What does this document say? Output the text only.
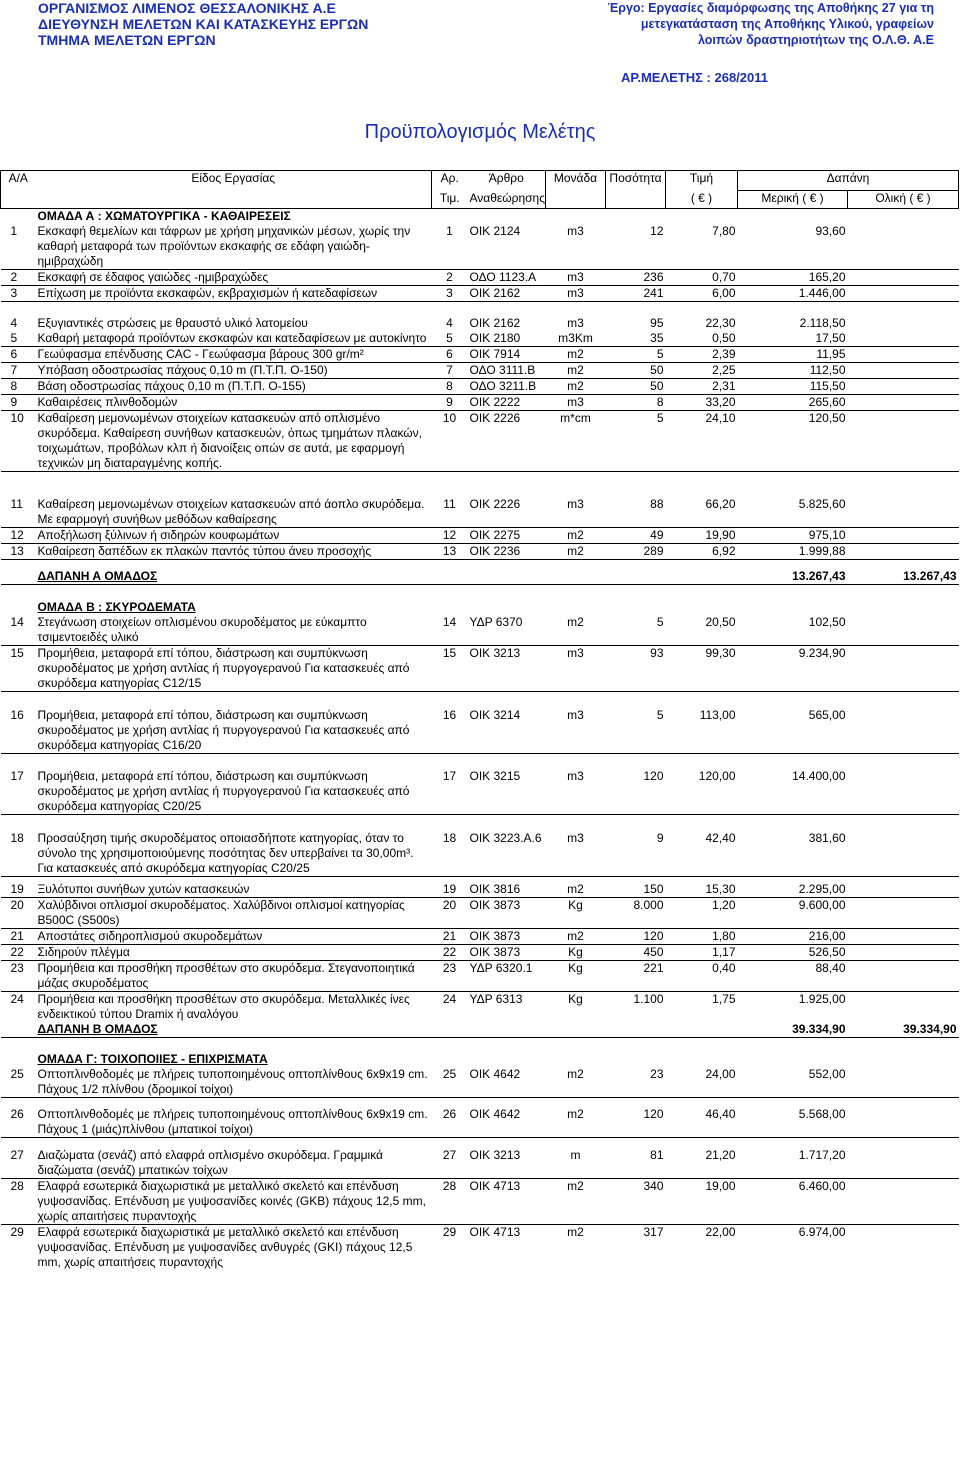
ΟΡΓΑΝΙΣΜΟΣ ΛΙΜΕΝΟΣ ΘΕΣΣΑΛΟΝΙΚΗΣ Α.Ε
ΔΙΕΥΘΥΝΣΗ ΜΕΛΕΤΩΝ ΚΑΙ ΚΑΤΑΣΚΕΥΗΣ ΕΡΓΩΝ
ΤΜΗΜΑ ΜΕΛΕΤΩΝ ΕΡΓΩΝ
Έργο: Εργασίες διαμόρφωσης της Αποθήκης 27 για τη
μετεγκατάσταση της Αποθήκης Υλικού, γραφείων
λοιπών δραστηριοτήτων της Ο.Λ.Θ. Α.Ε
ΑΡ.ΜΕΛΕΤΗΣ : 268/2011
Προϋπολογισμός Μελέτης
Α/Α	Είδος Εργασίας	Αρ.	Άρθρο	Μονάδα	Ποσότητα	Τιμή	Δαπάνη	
		Τιμ.	Αναθεώρησης			( € )	Μερική ( € )	Ολική ( € )
	ΟΜΑΔΑ Α : ΧΩΜΑΤΟΥΡΓΙΚΑ - ΚΑΘΑΙΡΕΣΕΙΣ							
1	Εκσκαφή θεμελίων και τάφρων με χρήση μηχανικών μέσων, χωρίς την καθαρή μεταφορά των προϊόντων εκσκαφής σε εδάφη γαιώδη-ημιβραχώδη	1	ΟΙΚ 2124	m3	12	7,80	93,60	
2	Εκσκαφή σε έδαφος γαιώδες -ημιβραχώδες	2	ΟΔΟ 1123.Α	m3	236	0,70	165,20	
3	Επίχωση με προϊόντα εκσκαφών, εκβραχισμών ή κατεδαφίσεων	3	ΟΙΚ 2162	m3	241	6,00	1.446,00	

4	Εξυγιαντικές στρώσεις με θραυστό υλικό λατομείου	4	ΟΙΚ 2162	m3	95	22,30	2.118,50	
5	Καθαρή μεταφορά προϊόντων εκσκαφών και κατεδαφίσεων με αυτοκίνητο	5	ΟΙΚ 2180	m3Km	35	0,50	17,50	
6	Γεωύφασμα επένδυσης CAC - Γεωύφασμα βάρους 300 gr/m²	6	ΟΙΚ 7914	m2	5	2,39	11,95	
7	Υπόβαση οδοστρωσίας πάχους 0,10 m (Π.Τ.Π. Ο-150)	7	ΟΔΟ 3111.Β	m2	50	2,25	112,50	
8	Βάση οδοστρωσίας πάχους 0,10 m (Π.Τ.Π. Ο-155)	8	ΟΔΟ 3211.Β	m2	50	2,31	115,50	
9	Καθαιρέσεις πλινθοδομών	9	ΟΙΚ 2222	m3	8	33,20	265,60	
10	Καθαίρεση μεμονωμένων στοιχείων κατασκευών από οπλισμένο σκυρόδεμα. Καθαίρεση συνήθων κατασκευών, όπως τμημάτων πλακών, τοιχωμάτων, προβόλων κλπ ή διανοίξεις οπών σε αυτά, με εφαρμογή τεχνικών μη διαταραγμένης κοπής.	10	ΟΙΚ 2226	m*cm	5	24,10	120,50	

11	Καθαίρεση μεμονωμένων στοιχείων κατασκευών από άοπλο σκυρόδεμα. Με εφαρμογή συνήθων μεθόδων καθαίρεσης	11	ΟΙΚ 2226	m3	88	66,20	5.825,60	
12	Αποξήλωση ξύλινων ή σιδηρών κουφωμάτων	12	ΟΙΚ 2275	m2	49	19,90	975,10	
13	Καθαίρεση δαπέδων εκ πλακών παντός τύπου άνευ προσοχής	13	ΟΙΚ 2236	m2	289	6,92	1.999,88	

	ΔΑΠΑΝΗ Α ΟΜΑΔΟΣ						13.267,43	13.267,43

	ΟΜΑΔΑ Β : ΣΚΥΡΟΔΕΜΑΤΑ							
14	Στεγάνωση στοιχείων οπλισμένου σκυροδέματος με εύκαμπτο τσιμεντοειδές υλικό	14	ΥΔΡ 6370	m2	5	20,50	102,50	
15	Προμήθεια, μεταφορά επί τόπου, διάστρωση και συμπύκνωση σκυροδέματος με χρήση αντλίας ή πυργογερανού Για κατασκευές από σκυρόδεμα κατηγορίας C12/15	15	ΟΙΚ 3213	m3	93	99,30	9.234,90	

16	Προμήθεια, μεταφορά επί τόπου, διάστρωση και συμπύκνωση σκυροδέματος με χρήση αντλίας ή πυργογερανού Για κατασκευές από σκυρόδεμα κατηγορίας C16/20	16	ΟΙΚ 3214	m3	5	113,00	565,00	

17	Προμήθεια, μεταφορά επί τόπου, διάστρωση και συμπύκνωση σκυροδέματος με χρήση αντλίας ή πυργογερανού Για κατασκευές από σκυρόδεμα κατηγορίας C20/25	17	ΟΙΚ 3215	m3	120	120,00	14.400,00	

18	Προσαύξηση τιμής σκυροδέματος οποιασδήποτε κατηγορίας, όταν το σύνολο της χρησιμοποιούμενης ποσότητας δεν υπερβαίνει τα 30,00m³. Για κατασκευές από σκυρόδεμα κατηγορίας C20/25	18	ΟΙΚ 3223.Α.6	m3	9	42,40	381,60	

19	Ξυλότυποι συνήθων χυτών κατασκευών	19	ΟΙΚ 3816	m2	150	15,30	2.295,00	
20	Χαλύβδινοι οπλισμοί σκυροδέματος. Χαλύβδινοι οπλισμοί κατηγορίας B500C (S500s)	20	ΟΙΚ 3873	Kg	8.000	1,20	9.600,00	
21	Αποστάτες σιδηροπλισμού σκυροδεμάτων	21	ΟΙΚ 3873	m2	120	1,80	216,00	
22	Σιδηρούν πλέγμα	22	ΟΙΚ 3873	Kg	450	1,17	526,50	
23	Προμήθεια και προσθήκη προσθέτων στο σκυρόδεμα. Στεγανοποιητικά μάζας σκυροδέματος	23	ΥΔΡ 6320.1	Kg	221	0,40	88,40	
24	Προμήθεια και προσθήκη προσθέτων στο σκυρόδεμα. Μεταλλικές ίνες ενδεικτικού τύπου Dramix ή αναλόγου	24	ΥΔΡ 6313	Kg	1.100	1,75	1.925,00	
	ΔΑΠΑΝΗ Β ΟΜΑΔΟΣ						39.334,90	39.334,90

	ΟΜΑΔΑ Γ: ΤΟΙΧΟΠΟΙΙΕΣ - ΕΠΙΧΡΙΣΜΑΤΑ							
25	Οπτοπλινθοδομές με πλήρεις τυποποιημένους οπτοπλίνθους 6x9x19 cm. Πάχους 1/2 πλίνθου (δρομικοί τοίχοι)	25	ΟΙΚ 4642	m2	23	24,00	552,00	

26	Οπτοπλινθοδομές με πλήρεις τυποποιημένους οπτοπλίνθους 6x9x19 cm. Πάχους 1 (μιάς)πλίνθου (μπατικοί τοίχοι)	26	ΟΙΚ 4642	m2	120	46,40	5.568,00	

27	Διαζώματα (σενάζ) από ελαφρά οπλισμένο σκυρόδεμα. Γραμμικά διαζώματα (σενάζ) μπατικών τοίχων	27	ΟΙΚ 3213	m	81	21,20	1.717,20	
28	Ελαφρά εσωτερικά διαχωριστικά με μεταλλικό σκελετό και επένδυση γυψοσανίδας. Επένδυση με γυψοσανίδες κοινές (GKB) πάχους 12,5 mm, χωρίς απαιτήσεις πυραντοχής	28	ΟΙΚ 4713	m2	340	19,00	6.460,00	
29	Ελαφρά εσωτερικά διαχωριστικά με μεταλλικό σκελετό και επένδυση γυψοσανίδας. Επένδυση με γυψοσανίδες ανθυγρές (GKI) πάχους 12,5 mm, χωρίς απαιτήσεις πυραντοχής	29	ΟΙΚ 4713	m2	317	22,00	6.974,00	
